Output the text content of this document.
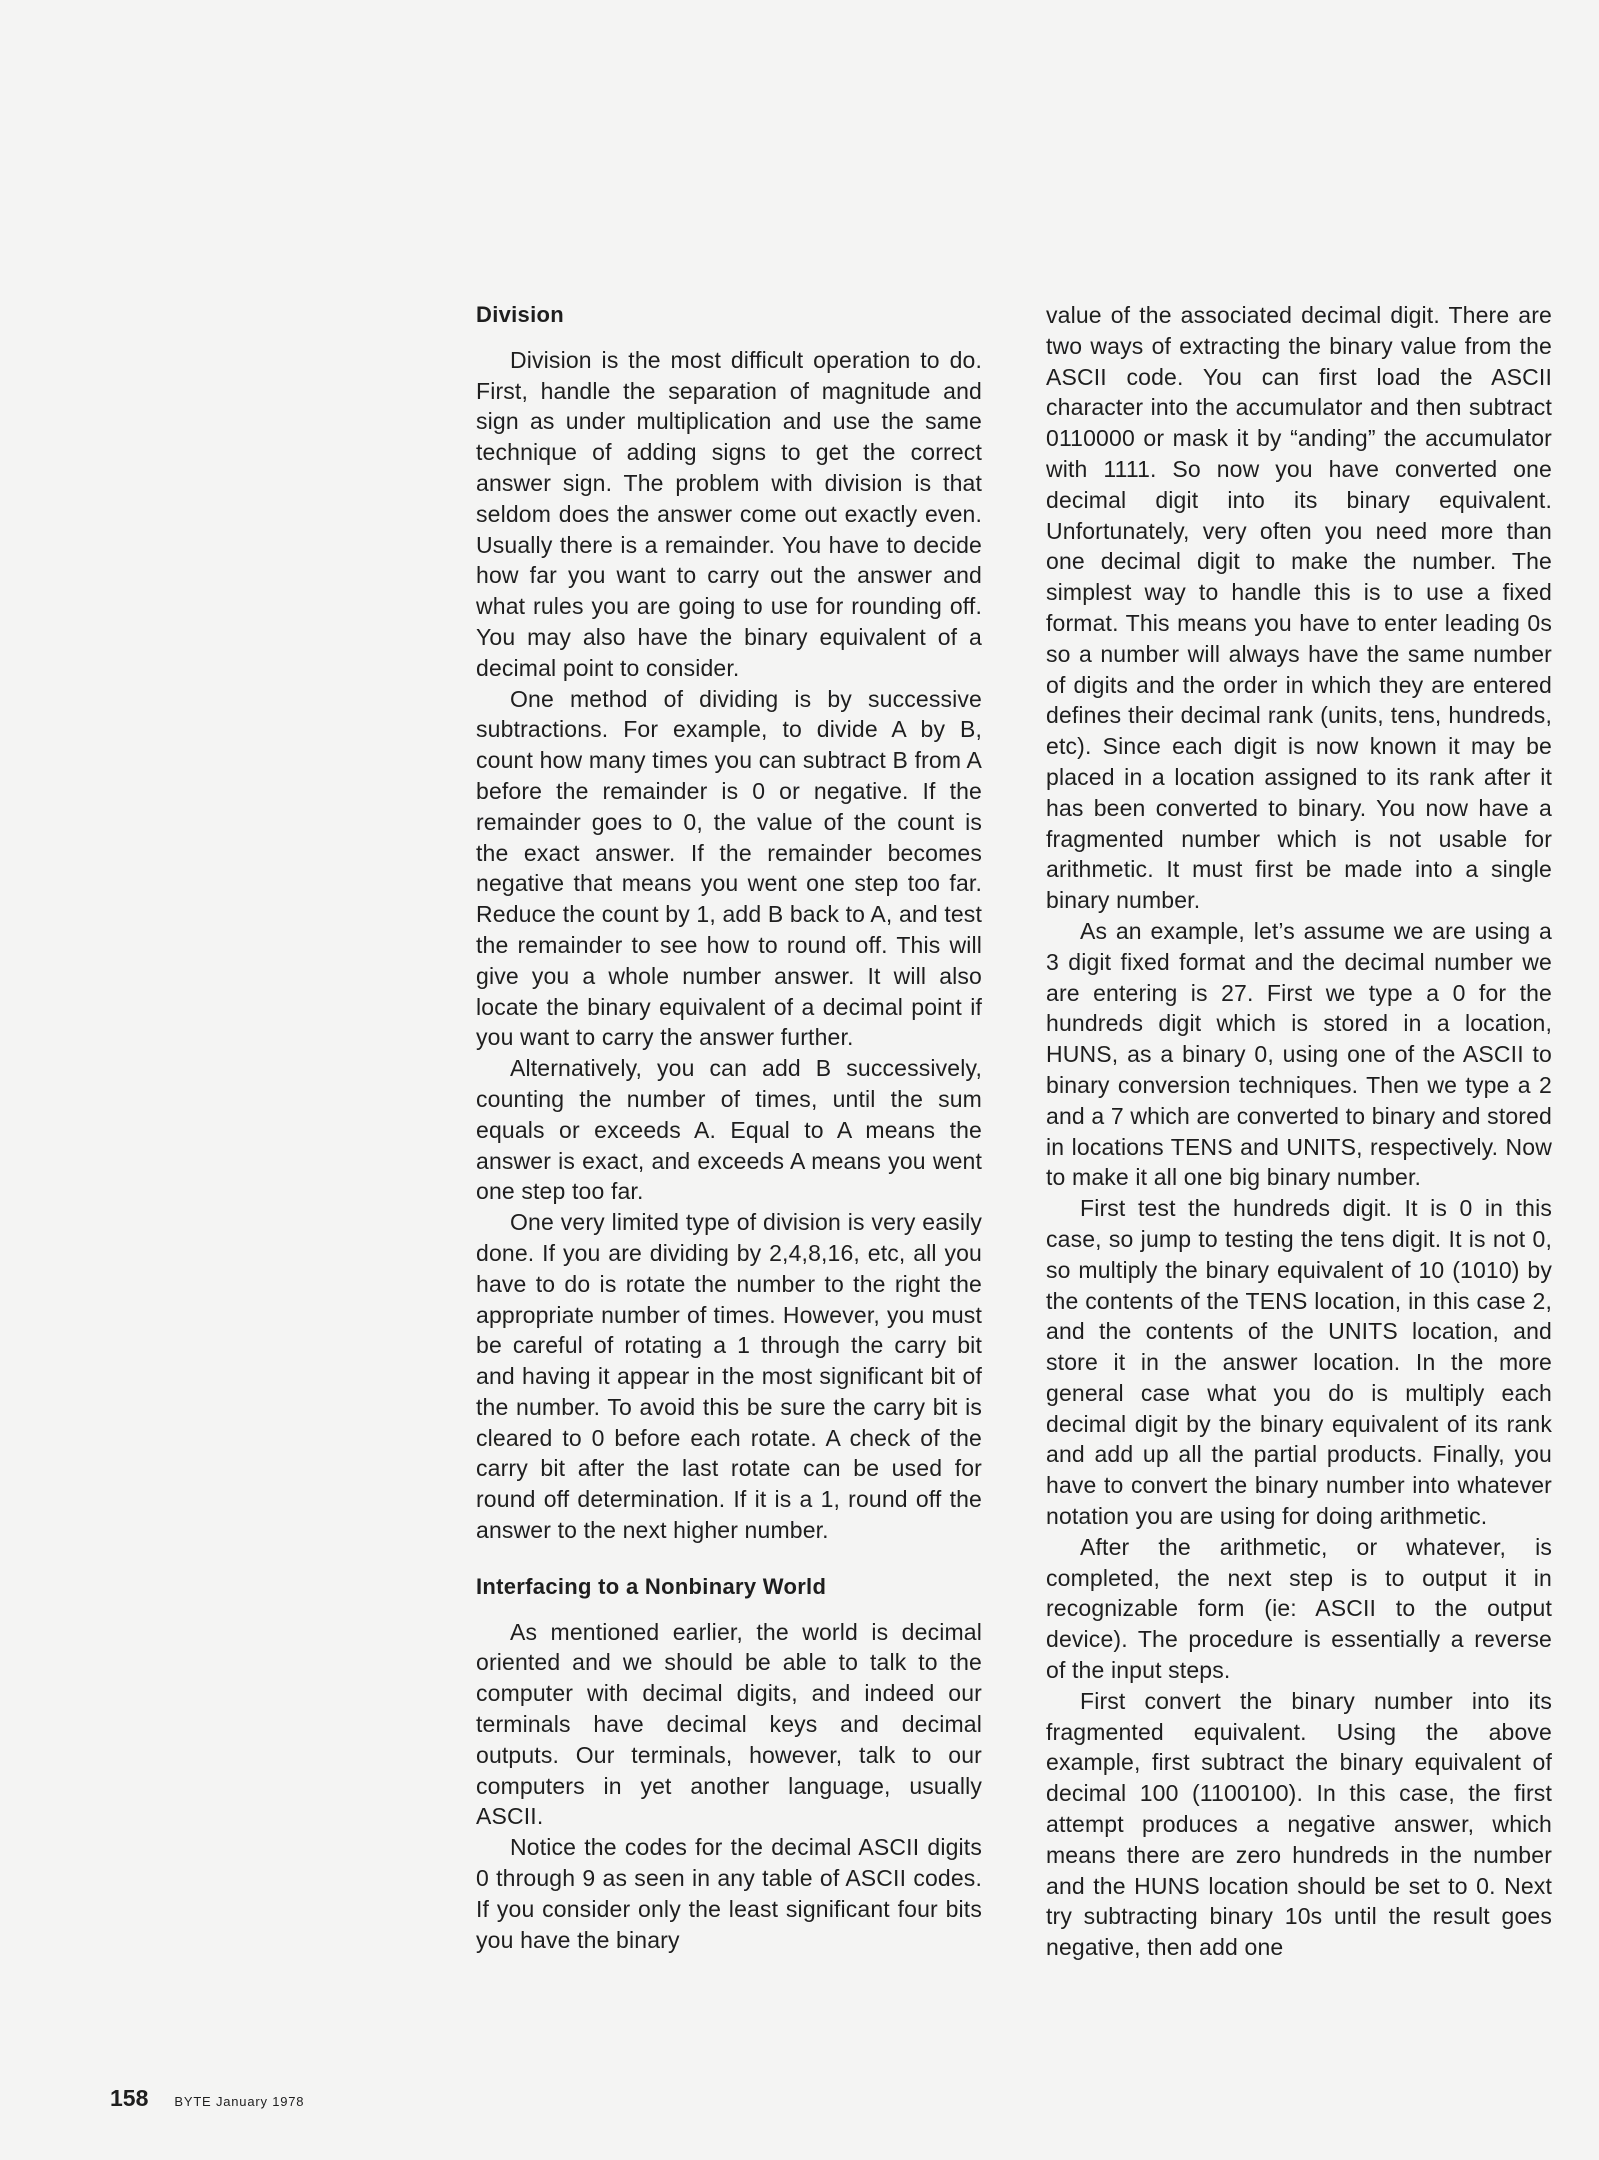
Division

Division is the most difficult operation to do. First, handle the separation of magnitude and sign as under multiplication and use the same technique of adding signs to get the correct answer sign. The problem with division is that seldom does the answer come out exactly even. Usually there is a remainder. You have to decide how far you want to carry out the answer and what rules you are going to use for rounding off. You may also have the binary equivalent of a decimal point to consider.

One method of dividing is by successive subtractions. For example, to divide A by B, count how many times you can subtract B from A before the remainder is 0 or negative. If the remainder goes to 0, the value of the count is the exact answer. If the remainder becomes negative that means you went one step too far. Reduce the count by 1, add B back to A, and test the remainder to see how to round off. This will give you a whole number answer. It will also locate the binary equivalent of a decimal point if you want to carry the answer further.

Alternatively, you can add B successively, counting the number of times, until the sum equals or exceeds A. Equal to A means the answer is exact, and exceeds A means you went one step too far.

One very limited type of division is very easily done. If you are dividing by 2,4,8,16, etc, all you have to do is rotate the number to the right the appropriate number of times. However, you must be careful of rotating a 1 through the carry bit and having it appear in the most significant bit of the number. To avoid this be sure the carry bit is cleared to 0 before each rotate. A check of the carry bit after the last rotate can be used for round off determination. If it is a 1, round off the answer to the next higher number.

Interfacing to a Nonbinary World

As mentioned earlier, the world is decimal oriented and we should be able to talk to the computer with decimal digits, and indeed our terminals have decimal keys and decimal outputs. Our terminals, however, talk to our computers in yet another language, usually ASCII.

Notice the codes for the decimal ASCII digits 0 through 9 as seen in any table of ASCII codes. If you consider only the least significant four bits you have the binary

value of the associated decimal digit. There are two ways of extracting the binary value from the ASCII code. You can first load the ASCII character into the accumulator and then subtract 0110000 or mask it by “anding” the accumulator with 1111. So now you have converted one decimal digit into its binary equivalent. Unfortunately, very often you need more than one decimal digit to make the number. The simplest way to handle this is to use a fixed format. This means you have to enter leading 0s so a number will always have the same number of digits and the order in which they are entered defines their decimal rank (units, tens, hundreds, etc). Since each digit is now known it may be placed in a location assigned to its rank after it has been converted to binary. You now have a fragmented number which is not usable for arithmetic. It must first be made into a single binary number.

As an example, let’s assume we are using a 3 digit fixed format and the decimal number we are entering is 27. First we type a 0 for the hundreds digit which is stored in a location, HUNS, as a binary 0, using one of the ASCII to binary conversion techniques. Then we type a 2 and a 7 which are converted to binary and stored in locations TENS and UNITS, respectively. Now to make it all one big binary number.

First test the hundreds digit. It is 0 in this case, so jump to testing the tens digit. It is not 0, so multiply the binary equivalent of 10 (1010) by the contents of the TENS location, in this case 2, and the contents of the UNITS location, and store it in the answer location. In the more general case what you do is multiply each decimal digit by the binary equivalent of its rank and add up all the partial products. Finally, you have to convert the binary number into whatever notation you are using for doing arithmetic.

After the arithmetic, or whatever, is completed, the next step is to output it in recognizable form (ie: ASCII to the output device). The procedure is essentially a reverse of the input steps.

First convert the binary number into its fragmented equivalent. Using the above example, first subtract the binary equivalent of decimal 100 (1100100). In this case, the first attempt produces a negative answer, which means there are zero hundreds in the number and the HUNS location should be set to 0. Next try subtracting binary 10s until the result goes negative, then add one

158 BYTE January 1978
